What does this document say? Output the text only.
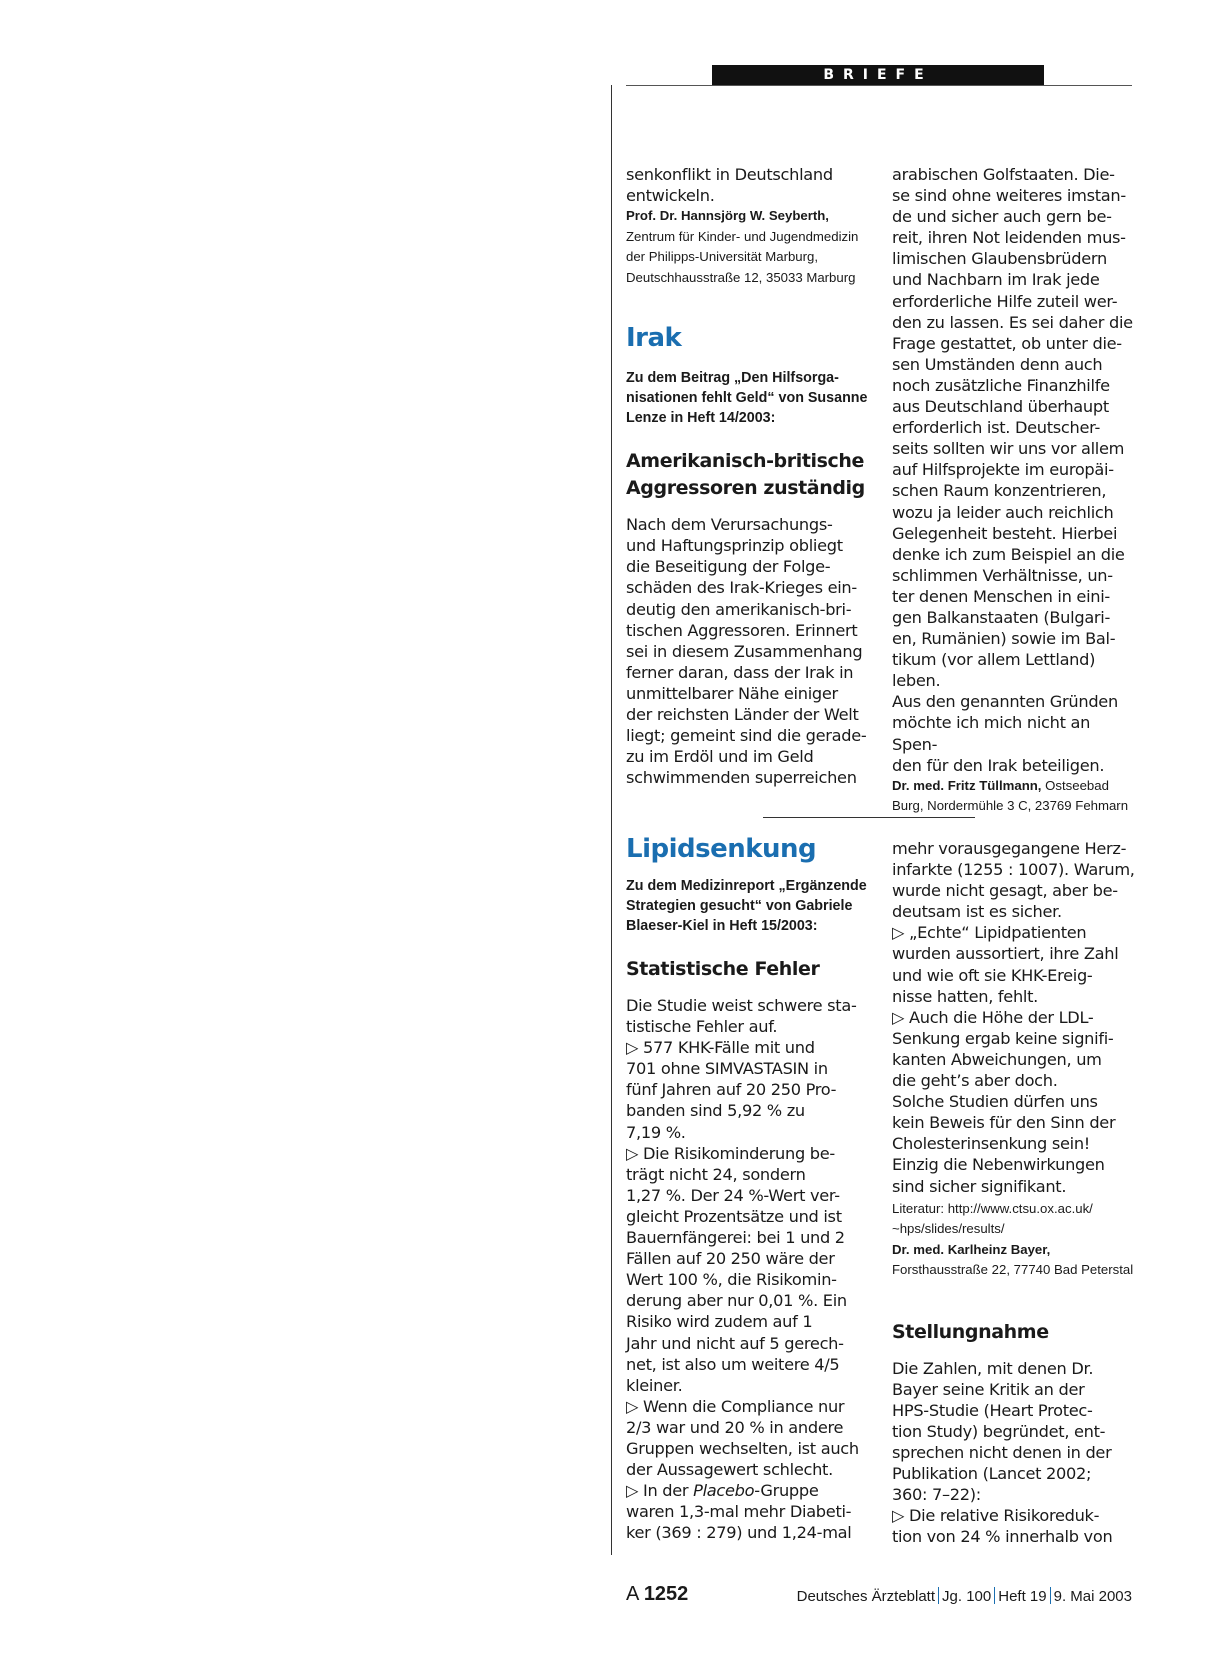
BRIEFE

senkonflikt in Deutschland
entwickeln.

Prof. Dr. Hannsjörg W. Seyberth,
Zentrum für Kinder- und Jugendmedizin
der Philipps-Universität Marburg,
Deutschhausstraße 12, 35033 Marburg

Irak

Zu dem Beitrag „Den Hilfsorga-
nisationen fehlt Geld“ von Susanne
Lenze in Heft 14/2003:

Amerikanisch-britische
Aggressoren zuständig

Nach dem Verursachungs-
und Haftungsprinzip obliegt
die Beseitigung der Folge-
schäden des Irak-Krieges ein-
deutig den amerikanisch-bri-
tischen Aggressoren. Erinnert
sei in diesem Zusammenhang
ferner daran, dass der Irak in
unmittelbarer Nähe einiger
der reichsten Länder der Welt
liegt; gemeint sind die gerade-
zu im Erdöl und im Geld
schwimmenden superreichen

arabischen Golfstaaten. Die-
se sind ohne weiteres imstan-
de und sicher auch gern be-
reit, ihren Not leidenden mus-
limischen Glaubensbrüdern
und Nachbarn im Irak jede
erforderliche Hilfe zuteil wer-
den zu lassen. Es sei daher die
Frage gestattet, ob unter die-
sen Umständen denn auch
noch zusätzliche Finanzhilfe
aus Deutschland überhaupt
erforderlich ist. Deutscher-
seits sollten wir uns vor allem
auf Hilfsprojekte im europäi-
schen Raum konzentrieren,
wozu ja leider auch reichlich
Gelegenheit besteht. Hierbei
denke ich zum Beispiel an die
schlimmen Verhältnisse, un-
ter denen Menschen in eini-
gen Balkanstaaten (Bulgari-
en, Rumänien) sowie im Bal-
tikum (vor allem Lettland)
leben.
Aus den genannten Gründen
möchte ich mich nicht an Spen-
den für den Irak beteiligen.

Dr. med. Fritz Tüllmann, Ostseebad
Burg, Nordermühle 3 C, 23769 Fehmarn

Lipidsenkung

Zu dem Medizinreport „Ergänzende
Strategien gesucht“ von Gabriele
Blaeser-Kiel in Heft 15/2003:

Statistische Fehler

Die Studie weist schwere sta-
tistische Fehler auf.
▷ 577 KHK-Fälle mit und
701 ohne SIMVASTASIN in
fünf Jahren auf 20 250 Pro-
banden sind 5,92 % zu
7,19 %.
▷ Die Risikominderung be-
trägt nicht 24, sondern
1,27 %. Der 24 %-Wert ver-
gleicht Prozentsätze und ist
Bauernfängerei: bei 1 und 2
Fällen auf 20 250 wäre der
Wert 100 %, die Risikomin-
derung aber nur 0,01 %. Ein
Risiko wird zudem auf 1
Jahr und nicht auf 5 gerech-
net, ist also um weitere 4/5
kleiner.
▷ Wenn die Compliance nur
2/3 war und 20 % in andere
Gruppen wechselten, ist auch
der Aussagewert schlecht.
▷ In der Placebo-Gruppe
waren 1,3-mal mehr Diabeti-
ker (369 : 279) und 1,24-mal

mehr vorausgegangene Herz-
infarkte (1255 : 1007). Warum,
wurde nicht gesagt, aber be-
deutsam ist es sicher.
▷ „Echte“ Lipidpatienten
wurden aussortiert, ihre Zahl
und wie oft sie KHK-Ereig-
nisse hatten, fehlt.
▷ Auch die Höhe der LDL-
Senkung ergab keine signifi-
kanten Abweichungen, um
die geht’s aber doch.
Solche Studien dürfen uns
kein Beweis für den Sinn der
Cholesterinsenkung sein!
Einzig die Nebenwirkungen
sind sicher signifikant.

Literatur: http://www.ctsu.ox.ac.uk/
~hps/slides/results/

Dr. med. Karlheinz Bayer,
Forsthausstraße 22, 77740 Bad Peterstal

Stellungnahme

Die Zahlen, mit denen Dr.
Bayer seine Kritik an der
HPS-Studie (Heart Protec-
tion Study) begründet, ent-
sprechen nicht denen in der
Publikation (Lancet 2002;
360: 7–22):
▷ Die relative Risikoreduk-
tion von 24 % innerhalb von

A 1252	Deutsches Ärzteblatt Jg. 100 Heft 19 9. Mai 2003
